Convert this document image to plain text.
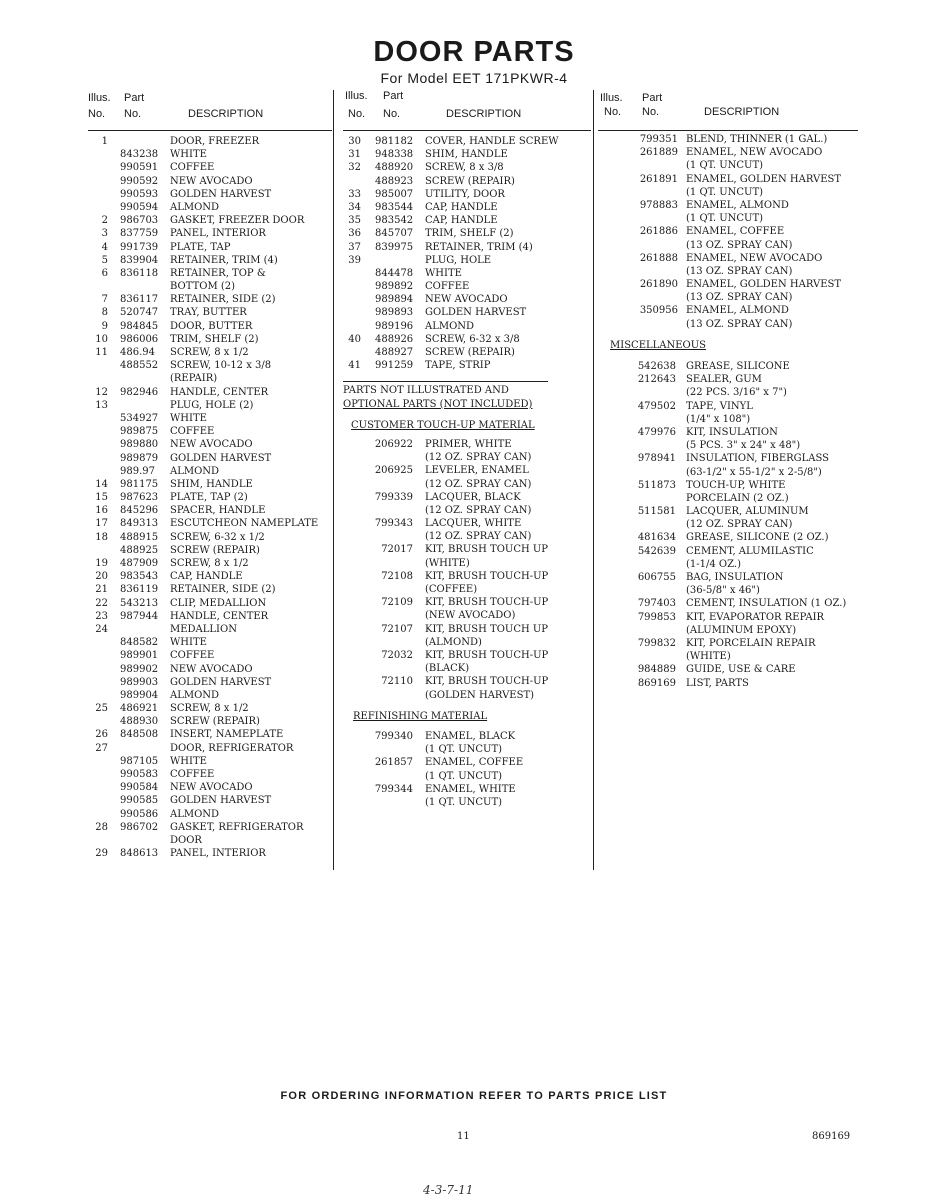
DOOR PARTS
For Model EET 171PKWR-4
Illus. Part
No. No.	DESCRIPTION
1	DOOR, FREEZER
843238 WHITE
990591 COFFEE
990592 NEW AVOCADO
990593 GOLDEN HARVEST
990594 ALMOND
2 986703 GASKET, FREEZER DOOR
3 837759 PANEL, INTERIOR
4 991739 PLATE, TAP
5 839904 RETAINER, TRIM (4)
6 836118 RETAINER, TOP &
BOTTOM (2)
7 836117 RETAINER, SIDE (2)
8 520747 TRAY, BUTTER
9 984845 DOOR, BUTTER
10 986006 TRIM, SHELF (2)
11 486.94 SCREW, 8 x 1/2
488552 SCREW, 10-12 x 3/8
(REPAIR)
12 982946 HANDLE, CENTER
13	PLUG, HOLE (2)
534927 WHITE
989875 COFFEE
989880 NEW AVOCADO
989879 GOLDEN HARVEST
989.97 ALMOND
14 981175 SHIM, HANDLE
15 987623 PLATE, TAP (2)
16 845296 SPACER, HANDLE
17 849313 ESCUTCHEON NAMEPLATE
18 488915 SCREW, 6-32 x 1/2
488925 SCREW (REPAIR)
19 487909 SCREW, 8 x 1/2
20 983543 CAP, HANDLE
21 836119 RETAINER, SIDE (2)
22 543213 CLIP, MEDALLION
23 987944 HANDLE, CENTER
24	MEDALLION
848582 WHITE
989901 COFFEE
989902 NEW AVOCADO
989903 GOLDEN HARVEST
989904 ALMOND
25 486921 SCREW, 8 x 1/2
488930 SCREW (REPAIR)
26 848508 INSERT, NAMEPLATE
27	DOOR, REFRIGERATOR
987105 WHITE
990583 COFFEE
990584 NEW AVOCADO
990585 GOLDEN HARVEST
990586 ALMOND
28 986702 GASKET, REFRIGERATOR
DOOR
29 848613 PANEL, INTERIOR
Illus. Part
No. No.	DESCRIPTION
30 981182 COVER, HANDLE SCREW
31 948338 SHIM, HANDLE
32 488920 SCREW, 8 x 3/8
488923 SCREW (REPAIR)
33 985007 UTILITY, DOOR
34 983544 CAP, HANDLE
35 983542 CAP, HANDLE
36 845707 TRIM, SHELF (2)
37 839975 RETAINER, TRIM (4)
39	PLUG, HOLE
844478 WHITE
989892 COFFEE
989894 NEW AVOCADO
989893 GOLDEN HARVEST
989196 ALMOND
40 488926 SCREW, 6-32 x 3/8
488927 SCREW (REPAIR)
41 991259 TAPE, STRIP
PARTS NOT ILLUSTRATED AND
OPTIONAL PARTS (NOT INCLUDED)
CUSTOMER TOUCH-UP MATERIAL
206922 PRIMER, WHITE
(12 OZ. SPRAY CAN)
206925 LEVELER, ENAMEL
(12 OZ. SPRAY CAN)
799339 LACQUER, BLACK
(12 OZ. SPRAY CAN)
799343 LACQUER, WHITE
(12 OZ. SPRAY CAN)
72017 KIT, BRUSH TOUCH UP
(WHITE)
72108 KIT, BRUSH TOUCH-UP
(COFFEE)
72109 KIT, BRUSH TOUCH-UP
(NEW AVOCADO)
72107 KIT, BRUSH TOUCH UP
(ALMOND)
72032 KIT, BRUSH TOUCH-UP
(BLACK)
72110 KIT, BRUSH TOUCH-UP
(GOLDEN HARVEST)
REFINISHING MATERIAL
799340 ENAMEL, BLACK
(1 QT. UNCUT)
261857 ENAMEL, COFFEE
(1 QT. UNCUT)
799344 ENAMEL, WHITE
(1 QT. UNCUT)
Illus. Part
No. No.	DESCRIPTION
799351 BLEND, THINNER (1 GAL.)
261889 ENAMEL, NEW AVOCADO
(1 QT. UNCUT)
261891 ENAMEL, GOLDEN HARVEST
(1 QT. UNCUT)
978883 ENAMEL, ALMOND
(1 QT. UNCUT)
261886 ENAMEL, COFFEE
(13 OZ. SPRAY CAN)
261888 ENAMEL, NEW AVOCADO
(13 OZ. SPRAY CAN)
261890 ENAMEL, GOLDEN HARVEST
(13 OZ. SPRAY CAN)
350956 ENAMEL, ALMOND
(13 OZ. SPRAY CAN)
MISCELLANEOUS
542638 GREASE, SILICONE
212643 SEALER, GUM
(22 PCS. 3/16" x 7")
479502 TAPE, VINYL
(1/4" x 108")
479976 KIT, INSULATION
(5 PCS. 3" x 24" x 48")
978941 INSULATION, FIBERGLASS
(63-1/2" x 55-1/2" x 2-5/8")
511873 TOUCH-UP, WHITE
PORCELAIN (2 OZ.)
511581 LACQUER, ALUMINUM
(12 OZ. SPRAY CAN)
481634 GREASE, SILICONE (2 OZ.)
542639 CEMENT, ALUMILASTIC
(1-1/4 OZ.)
606755 BAG, INSULATION
(36-5/8" x 46")
797403 CEMENT, INSULATION (1 OZ.)
799853 KIT, EVAPORATOR REPAIR
(ALUMINUM EPOXY)
799832 KIT, PORCELAIN REPAIR
(WHITE)
984889 GUIDE, USE & CARE
869169 LIST, PARTS
FOR ORDERING INFORMATION REFER TO PARTS PRICE LIST
11	869169
4-3-7-11
